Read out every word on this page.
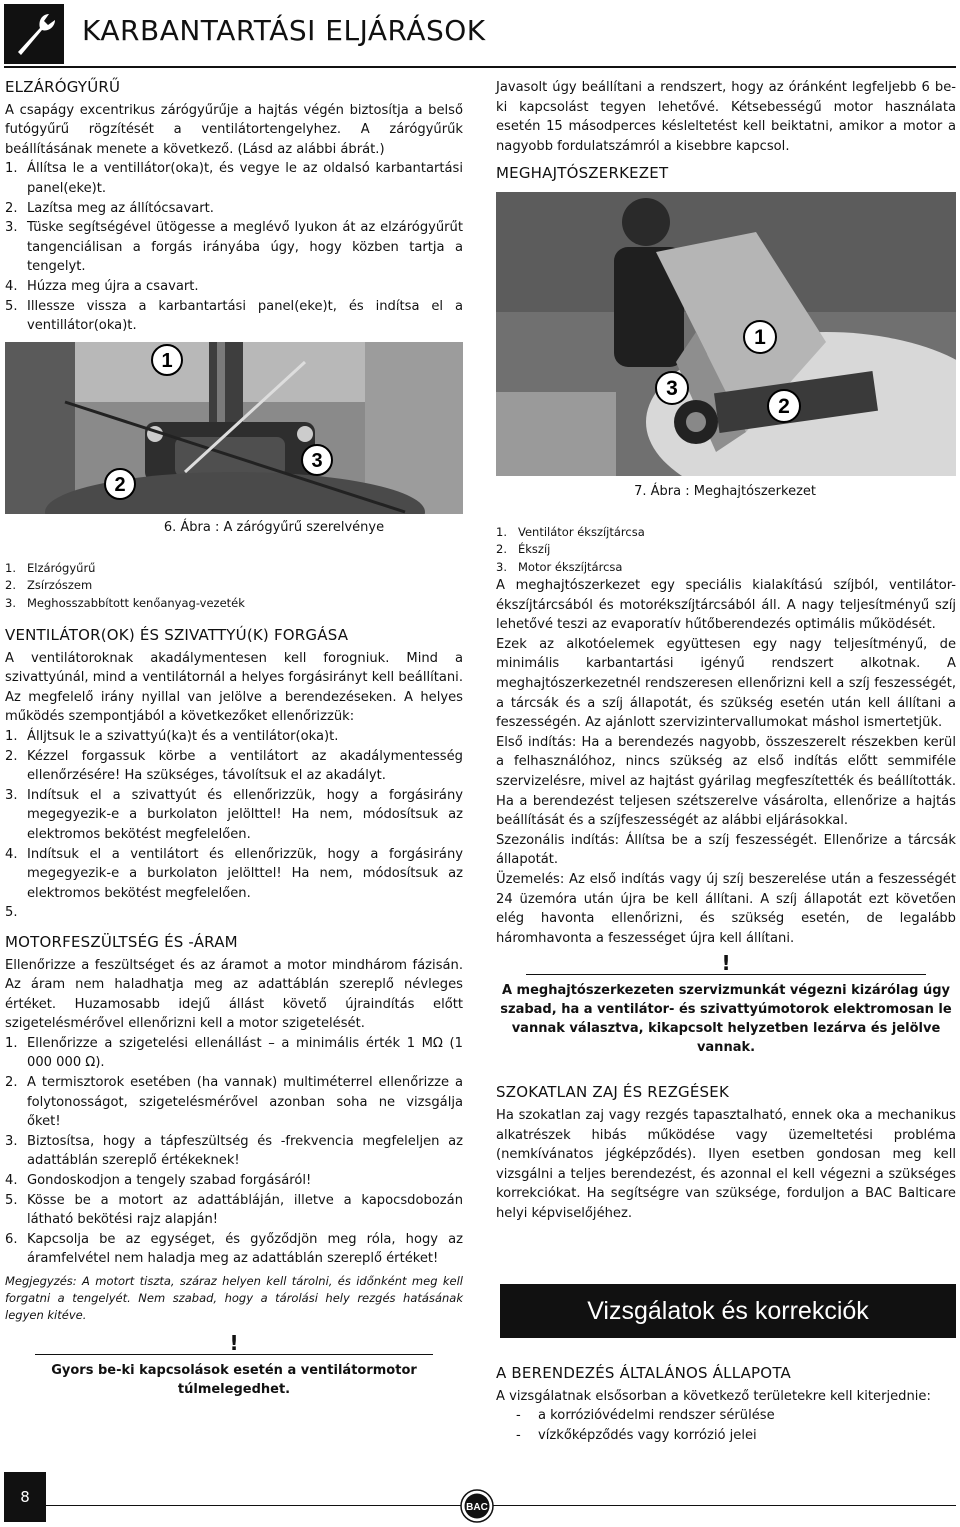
KARBANTARTÁSI ELJÁRÁSOK
ELZÁRÓGYŰRŰ

A csapágy excentrikus zárógyűrűje a hajtás végén biztosítja a belső futógyűrű rögzítését a ventilátortengelyhez. A zárógyűrűk beállításának menete a következő. (Lásd az alábbi ábrát.)

1. Állítsa le a ventillátor(oka)t, és vegye le az oldalsó karbantartási panel(eke)t.
2. Lazítsa meg az állítócsavart.
3. Tüske segítségével ütögesse a meglévő lyukon át az elzárógyűrűt tangenciálisan a forgás irányába úgy, hogy közben tartja a tengelyt.
4. Húzza meg újra a csavart.
5. Illessze vissza a karbantartási panel(eke)t, és indítsa el a ventillátor(oka)t.
1
2
3
6. Ábra : A zárógyűrű szerelvénye
1. Elzárógyűrű
2. Zsírzószem
3. Meghosszabbított kenőanyag-vezeték
VENTILÁTOR(OK) ÉS SZIVATTYÚ(K) FORGÁSA

A ventilátoroknak akadálymentesen kell forogniuk. Mind a szivattyúnál, mind a ventilátornál a helyes forgásirányt kell beállítani. Az megfelelő irány nyillal van jelölve a berendezéseken. A helyes működés szempontjából a következőket ellenőrizzük:

1. Álljtsuk le a szivattyú(ka)t és a ventilátor(oka)t.
2. Kézzel forgassuk körbe a ventilátort az akadálymentesség ellenőrzésére! Ha szükséges, távolítsuk el az akadályt.
3. Indítsuk el a szivattyút és ellenőrizzük, hogy a forgásirány megegyezik-e a burkolaton jelölttel! Ha nem, módosítsuk az elektromos bekötést megfelelően.
4. Indítsuk el a ventilátort és ellenőrizzük, hogy a forgásirány megegyezik-e a burkolaton jelölttel! Ha nem, módosítsuk az elektromos bekötést megfelelően.
5.
MOTORFESZÜLTSÉG ÉS -ÁRAM

Ellenőrizze a feszültséget és az áramot a motor mindhárom fázisán. Az áram nem haladhatja meg az adattáblán szereplő névleges értéket. Huzamosabb idejű állást követő újraindítás előtt szigetelésmérővel ellenőrizni kell a motor szigetelését.

1. Ellenőrizze a szigetelési ellenállást – a minimális érték 1 MΩ (1 000 000 Ω).
2. A termisztorok esetében (ha vannak) multiméterrel ellenőrizze a folytonosságot, szigetelésmérővel azonban soha ne vizsgálja őket!
3. Biztosítsa, hogy a tápfeszültség és -frekvencia megfeleljen az adattáblán szereplő értékeknek!
4. Gondoskodjon a tengely szabad forgásáról!
5. Kösse be a motort az adattábláján, illetve a kapocsdobozán látható bekötési rajz alapján!
6. Kapcsolja be az egységet, és győződjön meg róla, hogy az áramfelvétel nem haladja meg az adattáblán szereplő értéket!

Megjegyzés: A motort tiszta, száraz helyen kell tárolni, és időnként meg kell forgatni a tengelyét. Nem szabad, hogy a tárolási hely rezgés hatásának legyen kitéve.

!
Gyors be-ki kapcsolások esetén a ventilátormotor túlmelegedhet.

Javasolt úgy beállítani a rendszert, hogy az óránként legfeljebb 6 be-ki kapcsolást tegyen lehetővé. Kétsebességű motor használata esetén 15 másodperces késleltetést kell beiktatni, amikor a motor a nagyobb fordulatszámról a kisebbre kapcsol.

MEGHAJTÓSZERKEZET
1
2
3
7. Ábra : Meghajtószerkezet
1. Ventilátor ékszíjtárcsa
2. Ékszíj
3. Motor ékszíjtárcsa

A meghajtószerkezet egy speciális kialakítású szíjból, ventilátor-ékszíjtárcsából és motorékszíjtárcsából áll. A nagy teljesítményű szíj lehetővé teszi az evaporatív hűtőberendezés optimális működését.

Ezek az alkotóelemek együttesen egy nagy teljesítményű, de minimális karbantartási igényű rendszert alkotnak. A meghajtószerkezetnél rendszeresen ellenőrizni kell a szíj feszességét, a tárcsák és a szíj állapotát, és szükség esetén után kell állítani a feszességén. Az ajánlott szervizintervallumokat máshol ismertetjük.

Első indítás: Ha a berendezés nagyobb, összeszerelt részekben kerül a felhasználóhoz, nincs szükség az első indítás előtt semmiféle szervizelésre, mivel az hajtást gyárilag megfeszítették és beállították. Ha a berendezést teljesen szétszerelve vásárolta, ellenőrize a hajtás beállítását és a szíjfeszességét az alábbi eljárásokkal.

Szezonális indítás: Állítsa be a szíj feszességét. Ellenőrize a tárcsák állapotát.

Üzemelés: Az első indítás vagy új szíj beszerelése után a feszességét 24 üzemóra után újra be kell állítani. A szíj állapotát ezt követően elég havonta ellenőrizni, és szükség esetén, de legalább háromhavonta a feszességet újra kell állítani.

!
A meghajtószerkezeten szervizmunkát végezni kizárólag úgy szabad, ha a ventilátor- és szivattyúmotorok elektromosan le vannak választva, kikapcsolt helyzetben lezárva és jelölve vannak.
SZOKATLAN ZAJ ÉS REZGÉSEK

Ha szokatlan zaj vagy rezgés tapasztalható, ennek oka a mechanikus alkatrészek hibás működése vagy üzemeltetési probléma (nemkívánatos jégképződés). Ilyen esetben gondosan meg kell vizsgálni a teljes berendezést, és azonnal el kell végezni a szükséges korrekciókat. Ha segítségre van szüksége, forduljon a BAC Balticare helyi képviselőjéhez.

Vizsgálatok és korrekciók
A BERENDEZÉS ÁLTALÁNOS ÁLLAPOTA

A vizsgálatnak elsősorban a következő területekre kell kiterjednie:

-	a korrózióvédelmi rendszer sérülése
-	vízkőképződés vagy korrózió jelei
8
BAC
